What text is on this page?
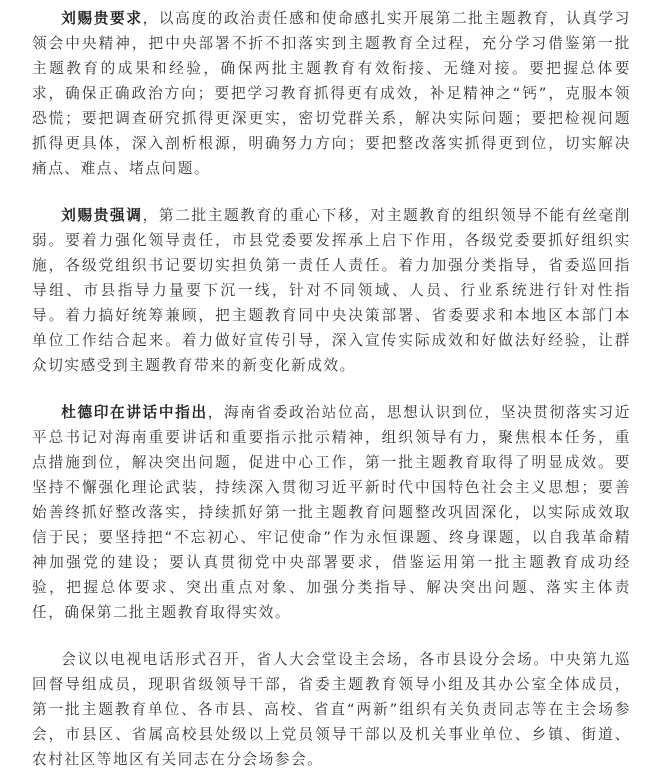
刘赐贵要求，以高度的政治责任感和使命感扎实开展第二批主题教育，认真学习领会中央精神，把中央部署不折不扣落实到主题教育全过程，充分学习借鉴第一批主题教育的成果和经验，确保两批主题教育有效衔接、无缝对接。要把握总体要求，确保正确政治方向；要把学习教育抓得更有成效，补足精神之“钙”，克服本领恐慌；要把调查研究抓得更深更实，密切党群关系，解决实际问题；要把检视问题抓得更具体，深入剖析根源，明确努力方向；要把整改落实抓得更到位，切实解决痛点、难点、堵点问题。

刘赐贵强调，第二批主题教育的重心下移，对主题教育的组织领导不能有丝毫削弱。要着力强化领导责任，市县党委要发挥承上启下作用，各级党委要抓好组织实施，各级党组织书记要切实担负第一责任人责任。着力加强分类指导，省委巡回指导组、市县指导力量要下沉一线，针对不同领域、人员、行业系统进行针对性指导。着力搞好统筹兼顾，把主题教育同中央决策部署、省委要求和本地区本部门本单位工作结合起来。着力做好宣传引导，深入宣传实际成效和好做法好经验，让群众切实感受到主题教育带来的新变化新成效。

杜德印在讲话中指出，海南省委政治站位高，思想认识到位，坚决贯彻落实习近平总书记对海南重要讲话和重要指示批示精神，组织领导有力，聚焦根本任务，重点措施到位，解决突出问题，促进中心工作，第一批主题教育取得了明显成效。要坚持不懈强化理论武装，持续深入贯彻习近平新时代中国特色社会主义思想；要善始善终抓好整改落实，持续抓好第一批主题教育问题整改巩固深化，以实际成效取信于民；要坚持把“不忘初心、牢记使命”作为永恒课题、终身课题，以自我革命精神加强党的建设；要认真贯彻党中央部署要求，借鉴运用第一批主题教育成功经验，把握总体要求、突出重点对象、加强分类指导、解决突出问题、落实主体责任，确保第二批主题教育取得实效。

会议以电视电话形式召开，省人大会堂设主会场，各市县设分会场。中央第九巡回督导组成员，现职省级领导干部，省委主题教育领导小组及其办公室全体成员，第一批主题教育单位、各市县、高校、省直“两新”组织有关负责同志等在主会场参会，市县区、省属高校县处级以上党员领导干部以及机关事业单位、乡镇、街道、农村社区等地区有关同志在分会场参会。
